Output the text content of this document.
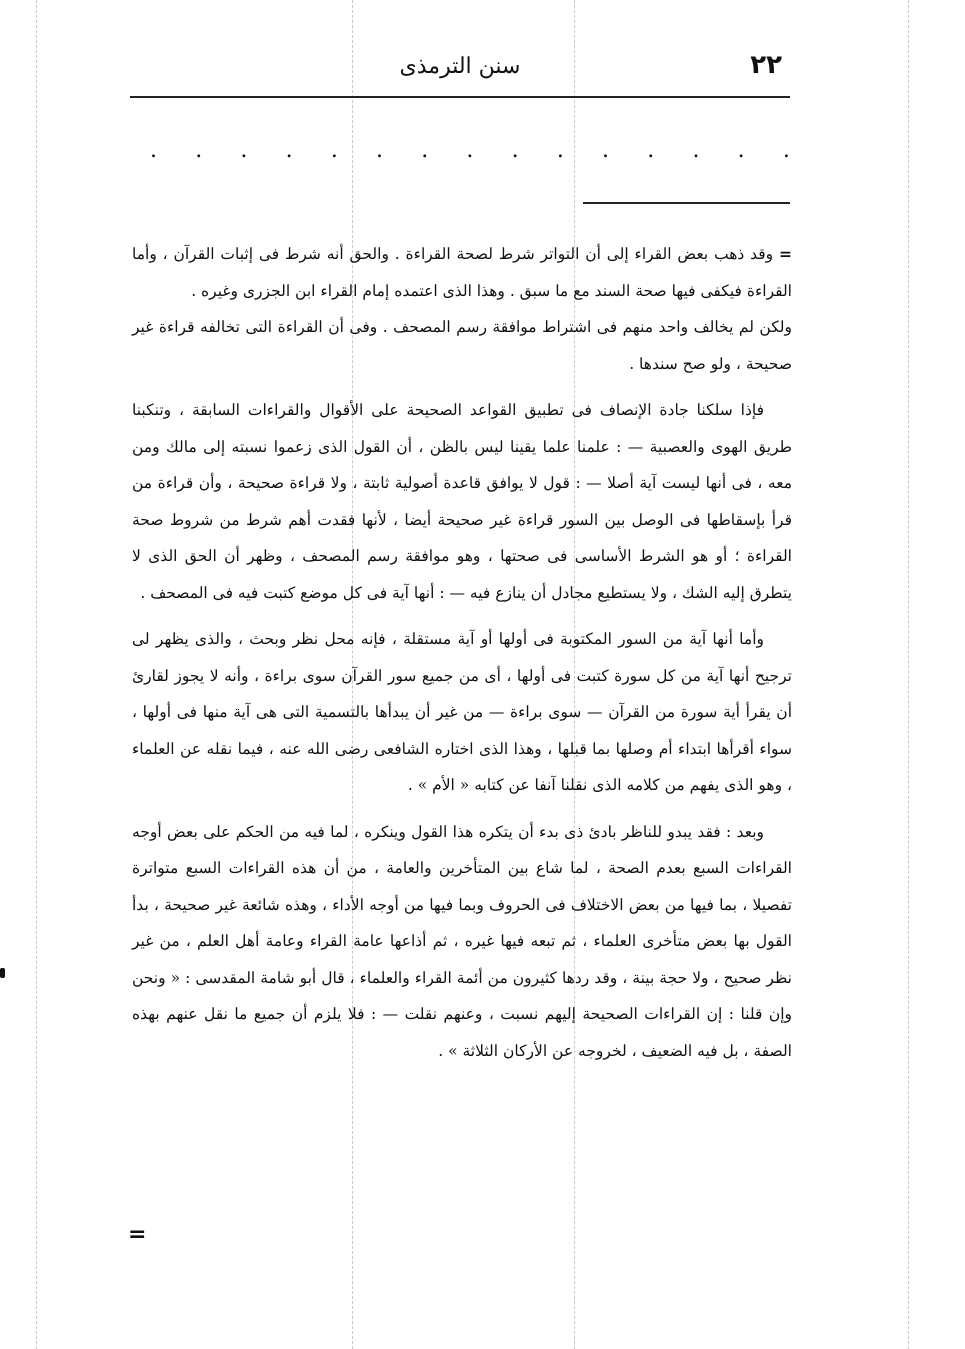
٢٢
سنن الترمذى
. . . . . . . . . . . . . . .

= وقد ذهب بعض القراء إلى أن التواتر شرط لصحة القراءة . والحق أنه شرط فى إثبات القرآن ، وأما القراءة فيكفى فيها صحة السند مع ما سبق . وهذا الذى اعتمده إمام القراء ابن الجزرى وغيره .

ولكن لم يخالف واحد منهم فى اشتراط موافقة رسم المصحف . وفى أن القراءة التى تخالفه قراءة غير صحيحة ، ولو صح سندها .

فإذا سلكنا جادة الإنصاف فى تطبيق القواعد الصحيحة على الأقوال والقراءات السابقة ، وتنكبنا طريق الهوى والعصبية — : علمنا علما يقينا ليس بالظن ، أن القول الذى زعموا نسبته إلى مالك ومن معه ، فى أنها ليست آية أصلا — : قول لا يوافق قاعدة أصولية ثابتة ، ولا قراءة صحيحة ، وأن قراءة من قرأ بإسقاطها فى الوصل بين السور قراءة غير صحيحة أيضا ، لأنها فقدت أهم شرط من شروط صحة القراءة ؛ أو هو الشرط الأساسى فى صحتها ، وهو موافقة رسم المصحف ، وظهر أن الحق الذى لا يتطرق إليه الشك ، ولا يستطيع مجادل أن ينازع فيه — : أنها آية فى كل موضع كتبت فيه فى المصحف .

وأما أنها آية من السور المكتوبة فى أولها أو آية مستقلة ، فإنه محل نظر وبحث ، والذى يظهر لى ترجيح أنها آية من كل سورة كتبت فى أولها ، أى من جميع سور القرآن سوى براءة ، وأنه لا يجوز لقارئ أن يقرأ أية سورة من القرآن — سوى براءة — من غير أن يبدأها بالتسمية التى هى آية منها فى أولها ، سواء أقرأها ابتداء أم وصلها بما قبلها ، وهذا الذى اختاره الشافعى رضى الله عنه ، فيما نقله عن العلماء ، وهو الذى يفهم من كلامه الذى نقلنا آنفا عن كتابه « الأم » .

وبعد : فقد يبدو للناظر بادئ ذى بدء أن يتكره هذا القول وينكره ، لما فيه من الحكم على بعض أوجه القراءات السبع بعدم الصحة ، لما شاع بين المتأخرين والعامة ، من أن هذه القراءات السبع متواترة تفصيلا ، بما فيها من بعض الاختلاف فى الحروف وبما فيها من أوجه الأداء ، وهذه شائعة غير صحيحة ، بدأ القول بها بعض متأخرى العلماء ، ثم تبعه فيها غيره ، ثم أذاعها عامة القراء وعامة أهل العلم ، من غير نظر صحيح ، ولا حجة بينة ، وقد ردها كثيرون من أئمة القراء والعلماء ، قال أبو شامة المقدسى : « ونحن وإن قلنا : إن القراءات الصحيحة إليهم نسبت ، وعنهم نقلت — : فلا يلزم أن جميع ما نقل عنهم بهذه الصفة ، بل فيه الضعيف ، لخروجه عن الأركان الثلاثة » .

=
